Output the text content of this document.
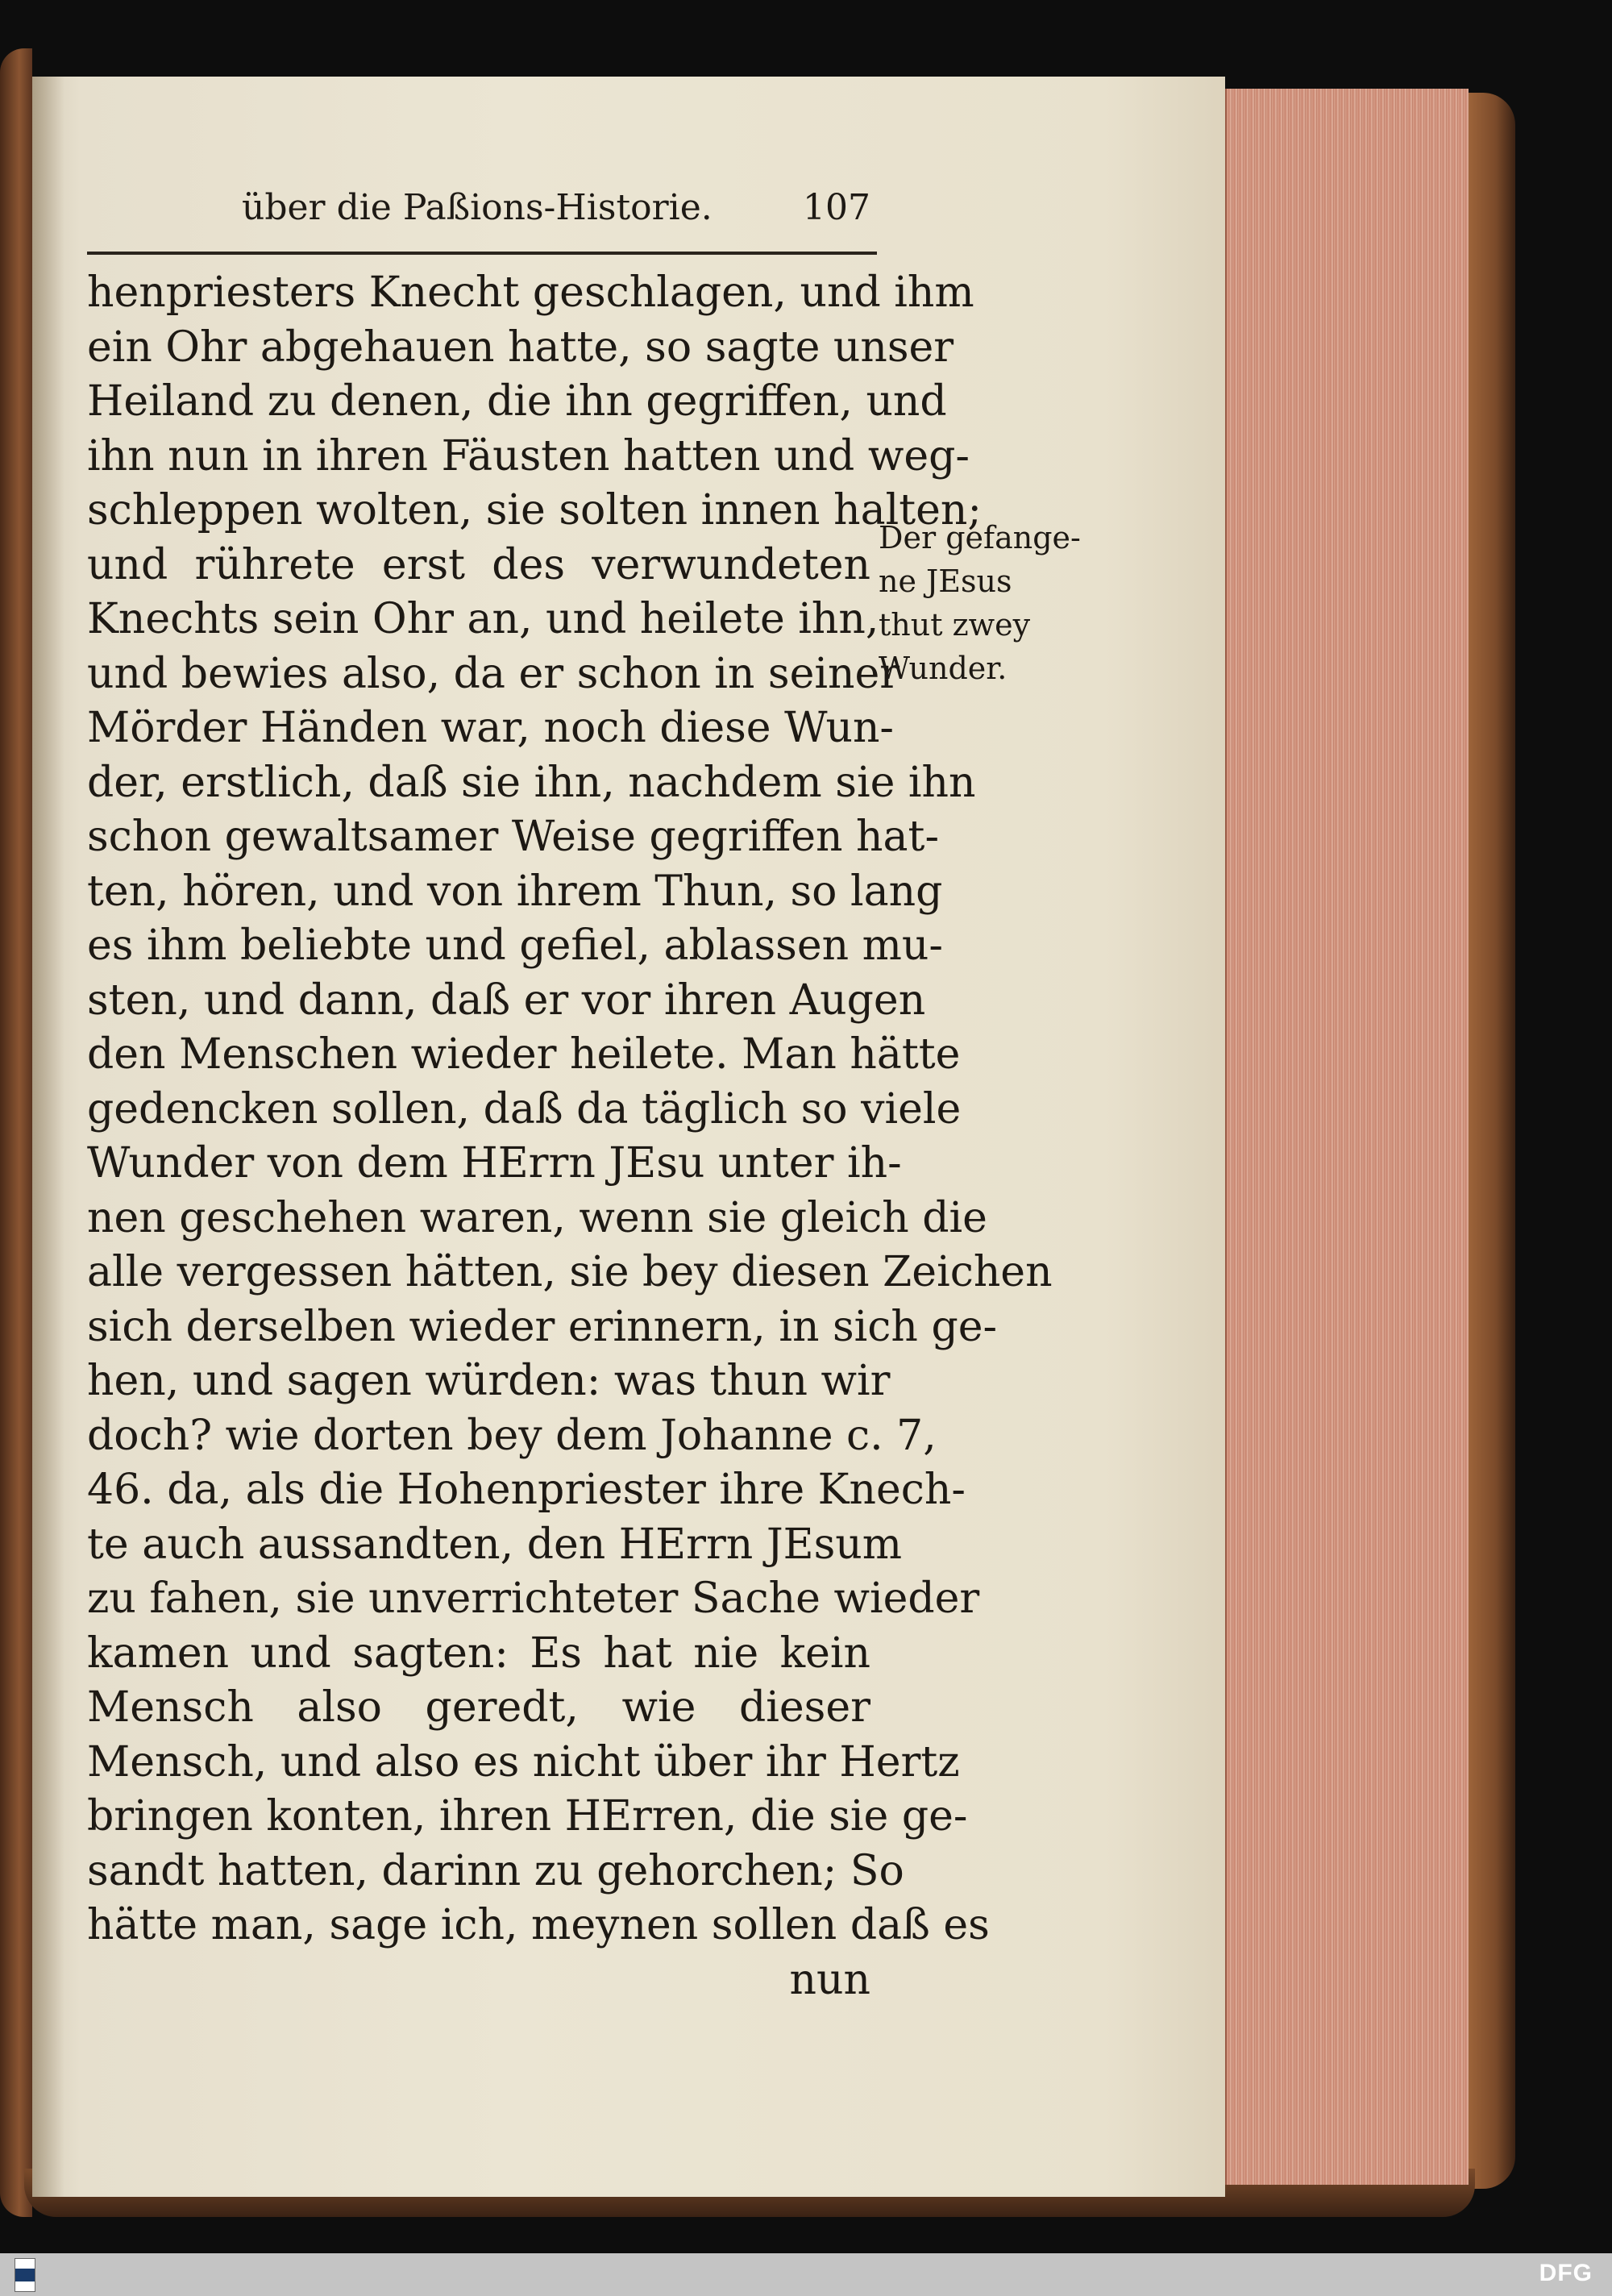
über die Paßions-Historie.	107
henpriesters Knecht geschlagen, und ihm
ein Ohr abgehauen hatte, so sagte unser
Heiland zu denen, die ihn gegriffen, und
ihn nun in ihren Fäusten hatten und weg-
schleppen wolten, sie solten innen halten;
und rührete erst des verwundeten
Knechts sein Ohr an, und heilete ihn,
und bewies also, da er schon in seiner
Mörder Händen war, noch diese Wun-
der, erstlich, daß sie ihn, nachdem sie ihn
schon gewaltsamer Weise gegriffen hat-
ten, hören, und von ihrem Thun, so lang
es ihm beliebte und gefiel, ablassen mu-
sten, und dann, daß er vor ihren Augen
den Menschen wieder heilete. Man hätte
gedencken sollen, daß da täglich so viele
Wunder von dem HErrn JEsu unter ih-
nen geschehen waren, wenn sie gleich die
alle vergessen hätten, sie bey diesen Zeichen
sich derselben wieder erinnern, in sich ge-
hen, und sagen würden: was thun wir
doch? wie dorten bey dem Johanne c. 7,
46. da, als die Hohenpriester ihre Knech-
te auch aussandten, den HErrn JEsum
zu fahen, sie unverrichteter Sache wieder
kamen und sagten: Es hat nie kein
Mensch also geredt, wie dieser
Mensch, und also es nicht über ihr Hertz
bringen konten, ihren HErren, die sie ge-
sandt hatten, darinn zu gehorchen; So
hätte man, sage ich, meynen sollen daß es
nun
Der gefange-
ne JEsus
thut zwey
Wunder.
DFG
